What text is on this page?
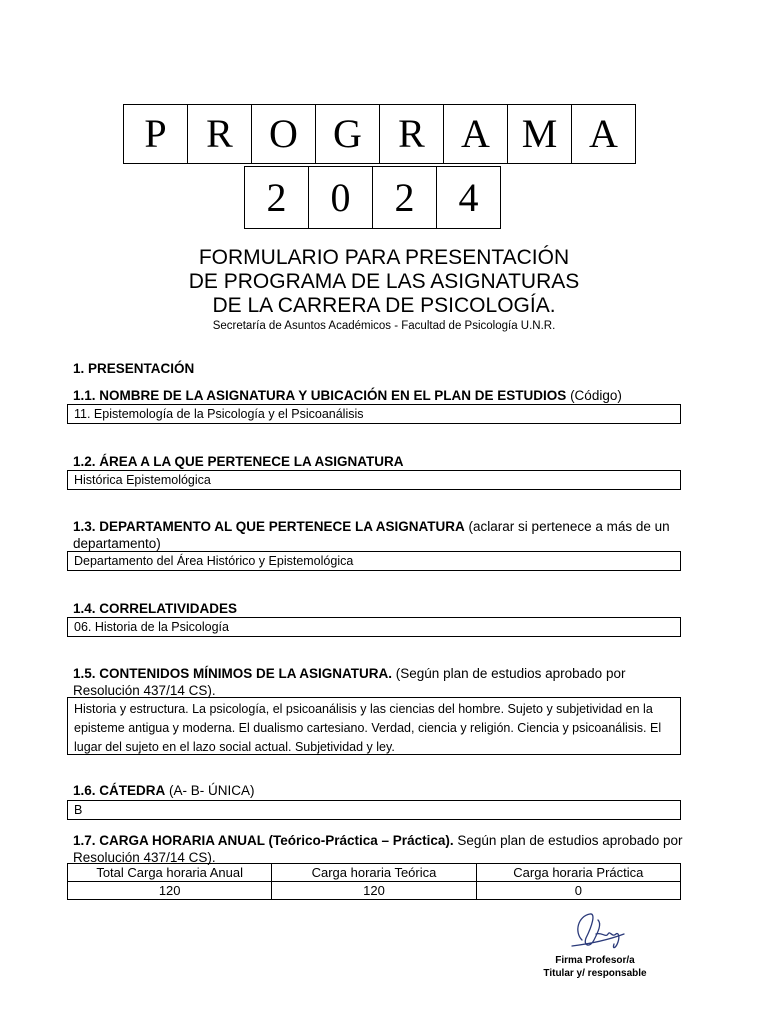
P R O G R A M A
2	0	2	4
FORMULARIO PARA PRESENTACIÓN
DE PROGRAMA DE LAS ASIGNATURAS
DE LA CARRERA DE PSICOLOGÍA.
Secretaría de Asuntos Académicos - Facultad de Psicología U.N.R.
1. PRESENTACIÓN
1.1. NOMBRE DE LA ASIGNATURA Y UBICACIÓN EN EL PLAN DE ESTUDIOS (Código)
11. Epistemología de la Psicología y el Psicoanálisis
1.2. ÁREA A LA QUE PERTENECE LA ASIGNATURA
Histórica Epistemológica
1.3. DEPARTAMENTO AL QUE PERTENECE LA ASIGNATURA (aclarar si pertenece a más de un departamento)
Departamento del Área Histórico y Epistemológica
1.4. CORRELATIVIDADES
06. Historia de la Psicología
1.5. CONTENIDOS MÍNIMOS DE LA ASIGNATURA. (Según plan de estudios aprobado por Resolución 437/14 CS).
Historia y estructura. La psicología, el psicoanálisis y las ciencias del hombre. Sujeto y subjetividad en la episteme antigua y moderna. El dualismo cartesiano. Verdad, ciencia y religión. Ciencia y psicoanálisis. El lugar del sujeto en el lazo social actual. Subjetividad y ley.
1.6. CÁTEDRA (A- B- ÚNICA)
B
1.7. CARGA HORARIA ANUAL (Teórico-Práctica – Práctica). Según plan de estudios aprobado por Resolución 437/14 CS).
Total Carga horaria Anual	Carga horaria Teórica	Carga horaria Práctica
120	120	0
Firma Profesor/a
Titular y/ responsable
